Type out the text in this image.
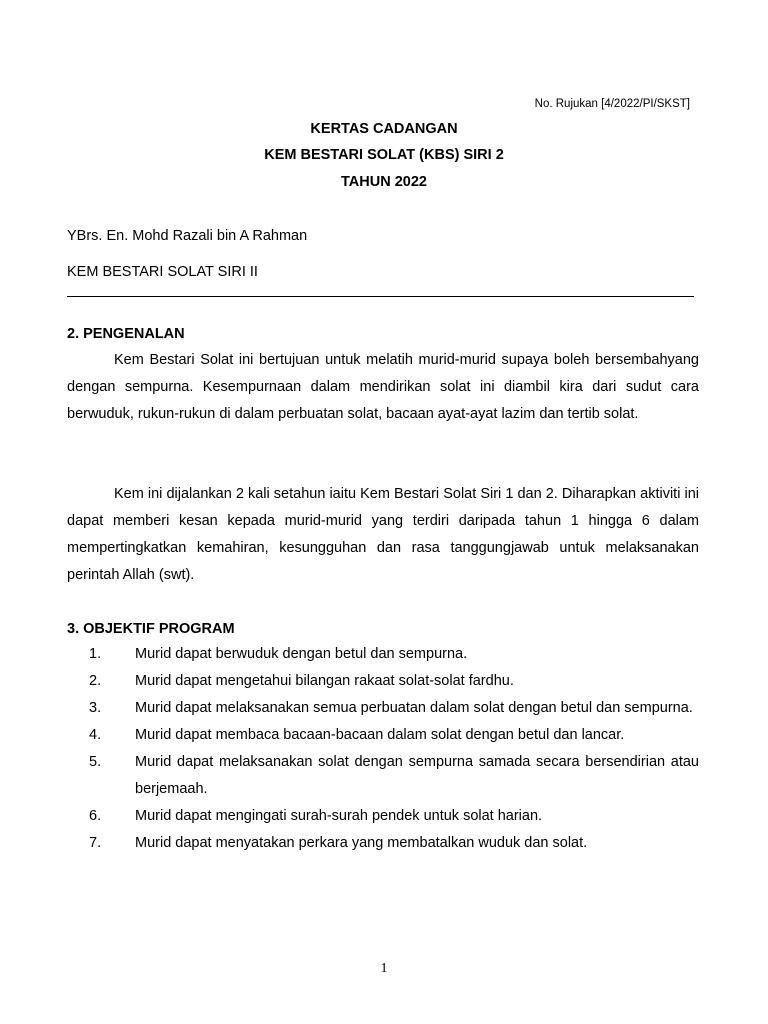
No. Rujukan [4/2022/PI/SKST]
KERTAS CADANGAN
KEM BESTARI SOLAT (KBS) SIRI 2
TAHUN 2022
YBrs. En. Mohd Razali bin A Rahman
KEM BESTARI SOLAT SIRI II
2. PENGENALAN

Kem Bestari Solat ini bertujuan untuk melatih murid-murid supaya boleh bersembahyang dengan sempurna. Kesempurnaan dalam mendirikan solat ini diambil kira dari sudut cara berwuduk, rukun-rukun di dalam perbuatan solat, bacaan ayat-ayat lazim dan tertib solat.

Kem ini dijalankan 2 kali setahun iaitu Kem Bestari Solat Siri 1 dan 2. Diharapkan aktiviti ini dapat memberi kesan kepada murid-murid yang terdiri daripada tahun 1 hingga 6 dalam mempertingkatkan kemahiran, kesungguhan dan rasa tanggungjawab untuk melaksanakan perintah Allah (swt).

3. OBJEKTIF PROGRAM
1.	Murid dapat berwuduk dengan betul dan sempurna.
2.	Murid dapat mengetahui bilangan rakaat solat-solat fardhu.
3.	Murid dapat melaksanakan semua perbuatan dalam solat dengan betul dan sempurna.
4.	Murid dapat membaca bacaan-bacaan dalam solat dengan betul dan lancar.
5.	Murid dapat melaksanakan solat dengan sempurna samada secara bersendirian atau berjemaah.
6.	Murid dapat mengingati surah-surah pendek untuk solat harian.
7.	Murid dapat menyatakan perkara yang membatalkan wuduk dan solat.
1
